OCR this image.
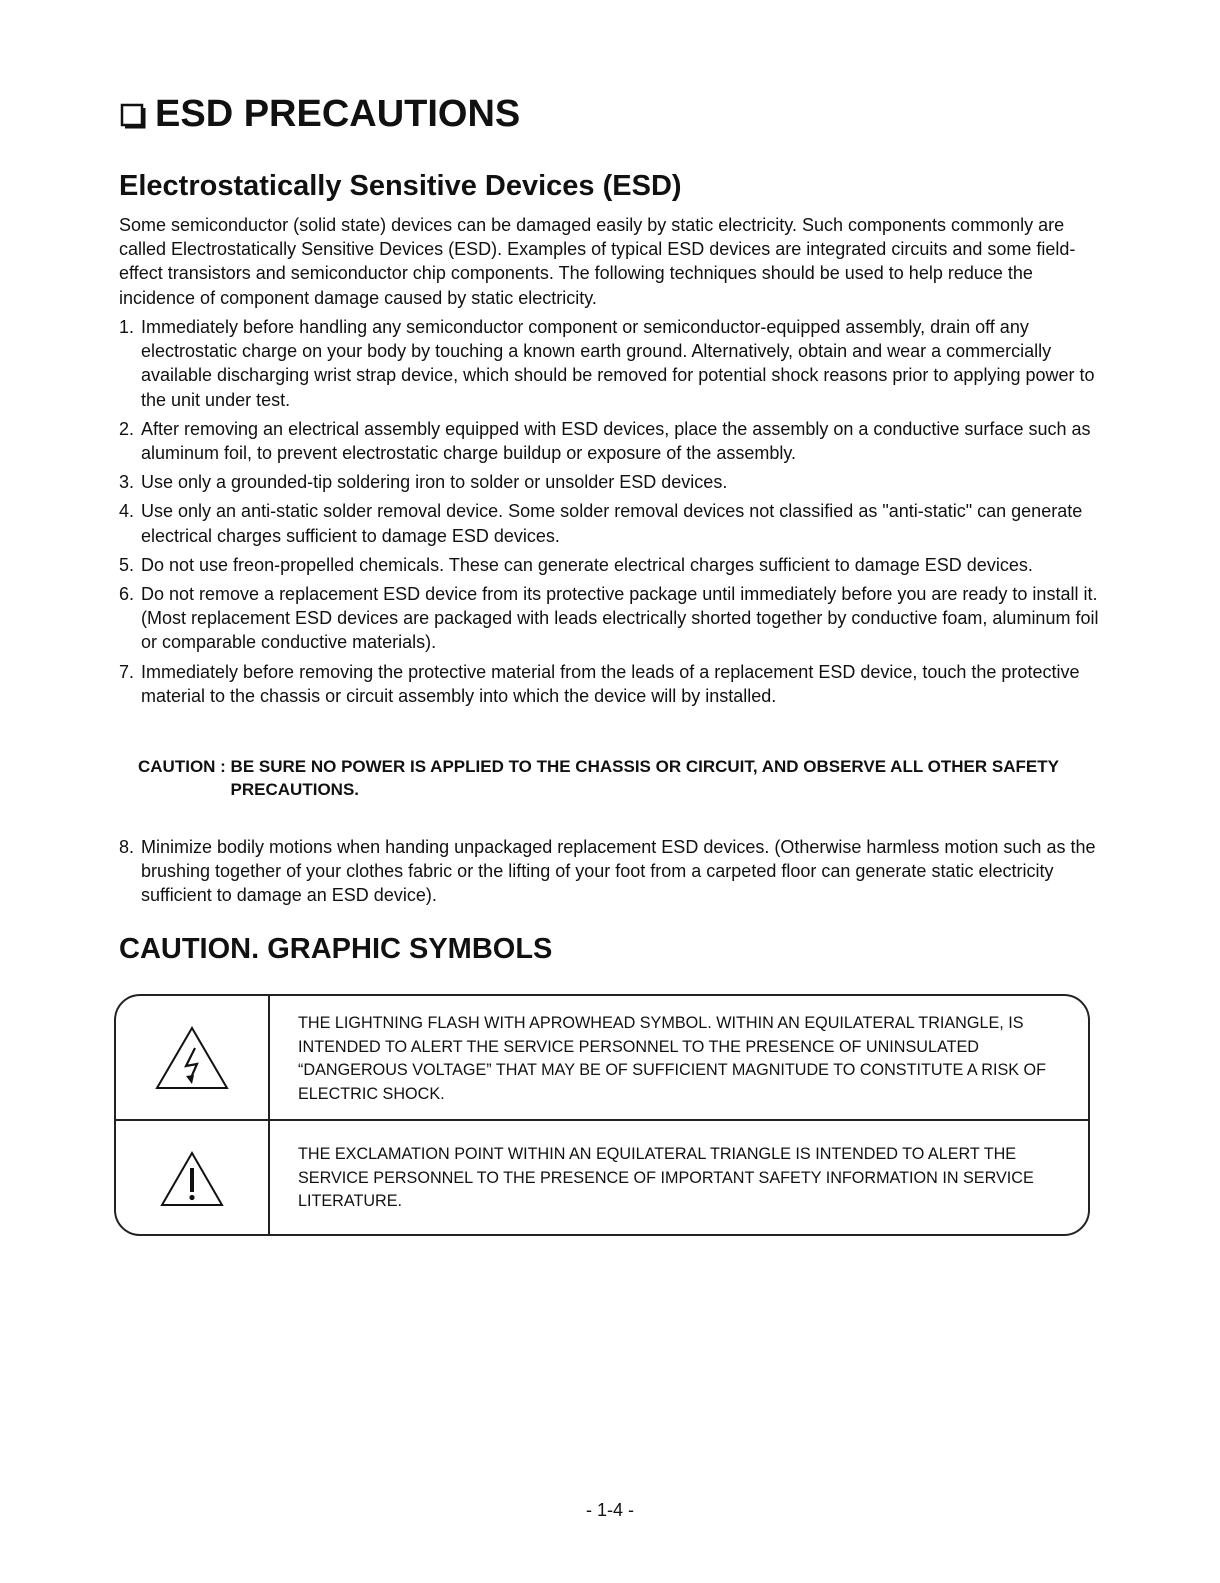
ESD PRECAUTIONS
Electrostatically Sensitive Devices (ESD)

Some semiconductor (solid state) devices can be damaged easily by static electricity. Such components commonly are called Electrostatically Sensitive Devices (ESD). Examples of typical ESD devices are integrated circuits and some field-effect transistors and semiconductor chip components. The following techniques should be used to help reduce the incidence of component damage caused by static electricity.

1. Immediately before handling any semiconductor component or semiconductor-equipped assembly, drain off any electrostatic charge on your body by touching a known earth ground. Alternatively, obtain and wear a commercially available discharging wrist strap device, which should be removed for potential shock reasons prior to applying power to the unit under test.
2. After removing an electrical assembly equipped with ESD devices, place the assembly on a conductive surface such as aluminum foil, to prevent electrostatic charge buildup or exposure of the assembly.
3. Use only a grounded-tip soldering iron to solder or unsolder ESD devices.
4. Use only an anti-static solder removal device. Some solder removal devices not classified as "anti-static" can generate electrical charges sufficient to damage ESD devices.
5. Do not use freon-propelled chemicals. These can generate electrical charges sufficient to damage ESD devices.
6. Do not remove a replacement ESD device from its protective package until immediately before you are ready to install it. (Most replacement ESD devices are packaged with leads electrically shorted together by conductive foam, aluminum foil or comparable conductive materials).
7. Immediately before removing the protective material from the leads of a replacement ESD device, touch the protective material to the chassis or circuit assembly into which the device will by installed.
CAUTION : BE SURE NO POWER IS APPLIED TO THE CHASSIS OR CIRCUIT, AND OBSERVE ALL OTHER SAFETY PRECAUTIONS.
8. Minimize bodily motions when handing unpackaged replacement ESD devices. (Otherwise harmless motion such as the brushing together of your clothes fabric or the lifting of your foot from a carpeted floor can generate static electricity sufficient to damage an ESD device).
CAUTION. GRAPHIC SYMBOLS
THE LIGHTNING FLASH WITH APROWHEAD SYMBOL. WITHIN AN EQUILATERAL TRIANGLE, IS INTENDED TO ALERT THE SERVICE PERSONNEL TO THE PRESENCE OF UNINSULATED “DANGEROUS VOLTAGE” THAT MAY BE OF SUFFICIENT MAGNITUDE TO CONSTITUTE A RISK OF ELECTRIC SHOCK.
THE EXCLAMATION POINT WITHIN AN EQUILATERAL TRIANGLE IS INTENDED TO ALERT THE SERVICE PERSONNEL TO THE PRESENCE OF IMPORTANT SAFETY INFORMATION IN SERVICE LITERATURE.
- 1-4 -
